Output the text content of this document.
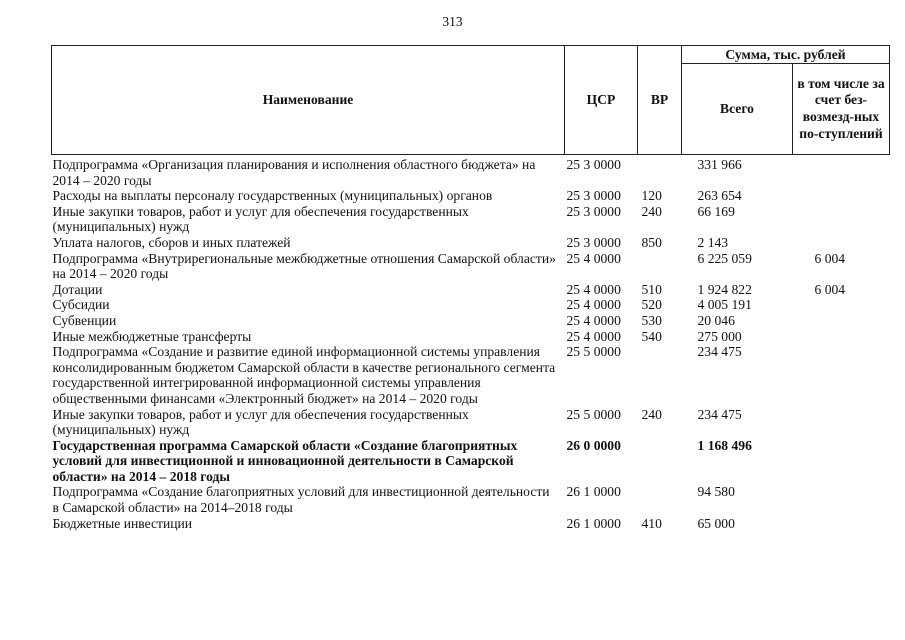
313
Наименование	ЦСР	ВР	Сумма, тыс. рублей	
			Всего	в том числе за счет без-возмезд-ных по-ступлений
Подпрограмма «Организация планирования и исполнения областного бюджета» на 2014 – 2020 годы	25 3 0000		331 966	
Расходы на выплаты персоналу государственных (муниципальных) органов	25 3 0000	120	263 654	
Иные закупки товаров, работ и услуг для обеспечения государственных (муниципальных) нужд	25 3 0000	240	66 169	
Уплата налогов, сборов и иных платежей	25 3 0000	850	2 143	
Подпрограмма «Внутрирегиональные межбюджетные отношения Самарской области» на 2014 – 2020 годы	25 4 0000		6 225 059	6 004
Дотации	25 4 0000	510	1 924 822	6 004
Субсидии	25 4 0000	520	4 005 191	
Субвенции	25 4 0000	530	20 046	
Иные межбюджетные трансферты	25 4 0000	540	275 000	
Подпрограмма «Создание и развитие единой информационной системы управления консолидированным бюджетом Самарской области в качестве регионального сегмента государственной интегрированной информационной системы управления общественными финансами «Электронный бюджет» на 2014 – 2020 годы	25 5 0000		234 475	
Иные закупки товаров, работ и услуг для обеспечения государственных (муниципальных) нужд	25 5 0000	240	234 475	
Государственная программа Самарской области «Создание благоприятных условий для инвестиционной и инновационной деятельности в Самарской области» на 2014 – 2018 годы	26 0 0000		1 168 496	
Подпрограмма «Создание благоприятных условий для инвестиционной деятельности в Самарской области» на 2014–2018 годы	26 1 0000		94 580	
Бюджетные инвестиции	26 1 0000	410	65 000	
